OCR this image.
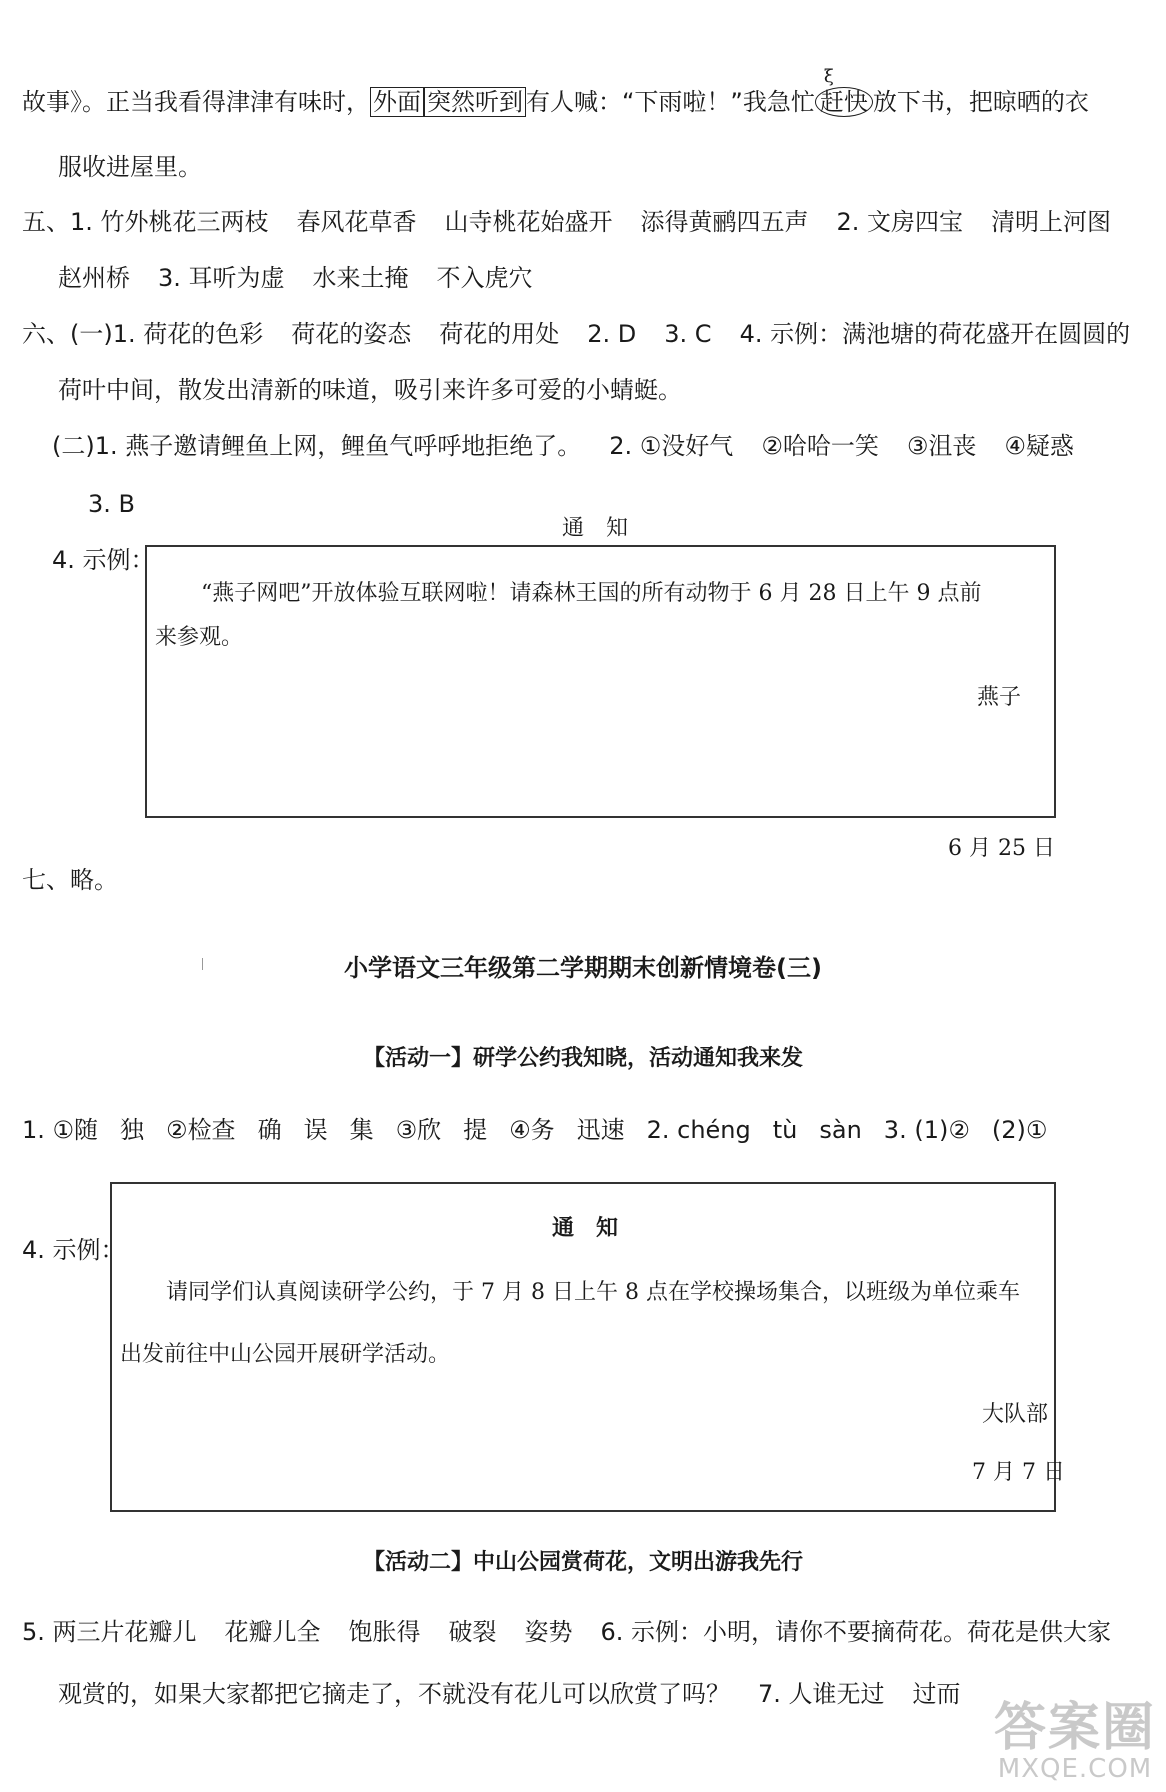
故事》。正当我看得津津有味时， 外面 突然听到 有人喊：“下雨啦！”我急忙
ξ
赶快 放下书，把晾晒的衣
服收进屋里。
五、1. 竹外桃花三两枝 春风花草香 山寺桃花始盛开 添得黄鹂四五声 2. 文房四宝 清明上河图
赵州桥 3. 耳听为虚 水来土掩 不入虎穴
六、(一)1. 荷花的色彩 荷花的姿态 荷花的用处 2. D 3. C 4. 示例：满池塘的荷花盛开在圆圆的
荷叶中间，散发出清新的味道，吸引来许多可爱的小蜻蜓。
(二)1. 燕子邀请鲤鱼上网，鲤鱼气呼呼地拒绝了。 2. ①没好气 ②哈哈一笑 ③沮丧 ④疑惑
3. B
通　知
4. 示例：
“燕子网吧”开放体验互联网啦！请森林王国的所有动物于 6 月 28 日上午 9 点前
来参观。
燕子
6 月 25 日
七、略。
小学语文三年级第二学期期末创新情境卷(三)
【活动一】研学公约我知晓，活动通知我来发
1. ①随 独 ②检查 确 误 集 ③欣 提 ④务 迅速 2. chéng tù sàn 3. (1)② (2)①
通　知
请同学们认真阅读研学公约，于 7 月 8 日上午 8 点在学校操场集合，以班级为单位乘车
出发前往中山公园开展研学活动。
大队部
7 月 7 日
4. 示例：
【活动二】中山公园赏荷花，文明出游我先行
5. 两三片花瓣儿 花瓣儿全 饱胀得 破裂 姿势 6. 示例：小明，请你不要摘荷花。荷花是供大家
观赏的，如果大家都把它摘走了，不就没有花儿可以欣赏了吗？ 7. 人谁无过 过而
答案圈
MXQE.COM
